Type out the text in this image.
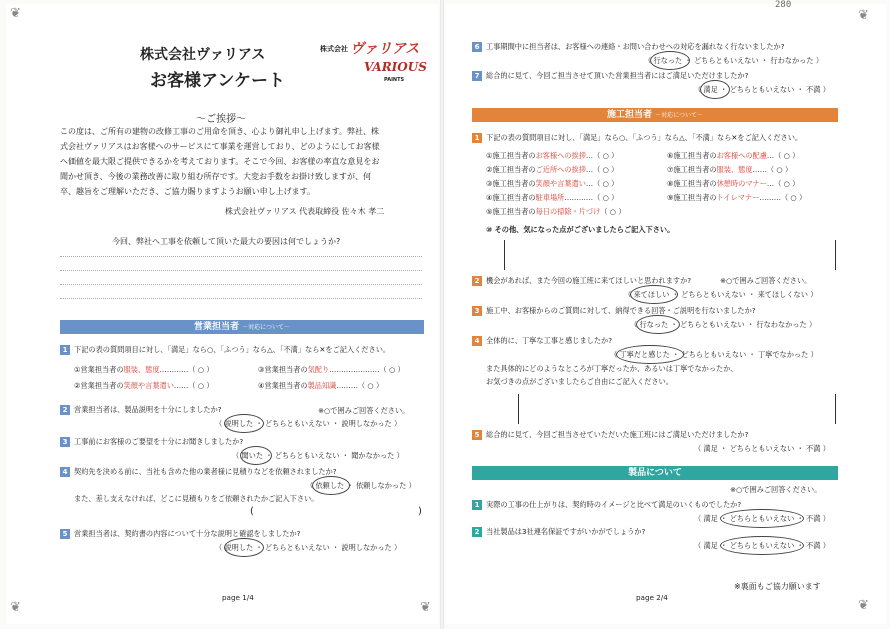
❦
❦	❦
❦
❦
280
株式会社ヴァリアス
お客様アンケート
株式会社 ヴァリアス
VARIOUS
PAINTS
～ご挨拶～
この度は、ご所有の建物の改修工事のご用命を頂き、心より御礼申し上げます。弊社、株
式会社ヴァリアスはお客様へのサービスにて事業を運営しており、どのようにしてお客様
へ価値を最大限ご提供できるかを考えております。そこで今回、お客様の率直な意見をお
聞かせ頂き、今後の業務改善に取り組む所存です。大変お手数をお掛け致しますが、何
卒、趣旨をご理解いただき、ご協力賜りますようお願い申し上げます。
株式会社ヴァリアス 代表取締役 佐々木 孝二
今回、弊社へ工事を依頼して頂いた最大の要因は何でしょうか?
営業担当者 －対応について－
1 下記の表の質問項目に対し、「満足」なら○、「ふつう」なら△、「不満」なら✕をご記入ください。
①営業担当者の服装、態度…………（ ○ ）
②営業担当者の笑顔や言葉遣い……（ ○ ）
③営業担当者の気配り…………………（ ○ ）
④営業担当者の製品知識………（ ○ ）
2 営業担当者は、製品説明を十分にしましたか?	※○で囲みご回答ください。
（ 説明した ・ どちらともいえない ・ 説明しなかった ）
3 工事前にお客様のご要望を十分にお聞きしましたか?
（ 聞いた ・ どちらともいえない ・ 聞かなかった ）
4 契約先を決める前に、当社も含めた他の業者様に見積りなどを依頼されましたか?
（ 依頼した ・ 依頼しなかった ）
また、差し支えなければ、どこに見積もりをご依頼されたかご記入下さい。
(	)
5 営業担当者は、契約書の内容について十分な説明と確認をしましたか?
（ 説明した ・ どちらともいえない ・ 説明しなかった ）
page 1/4
6 工事期間中に担当者は、お客様への連絡・お問い合わせへの対応を漏れなく行ないましたか?
（ 行なった ・ どちらともいえない ・ 行わなかった ）
7 総合的に見て、今回ご担当させて頂いた営業担当者にはご満足いただけましたか?
（ 満足 ・ どちらともいえない ・ 不満 ）
施工担当者 －対応について－
1 下記の表の質問項目に対し、「満足」なら○、「ふつう」なら△、「不満」なら✕をご記入ください。
①施工担当者のお客様への挨拶…（ ○ ）
②施工担当者のご近所への挨拶…（ ○ ）
③施工担当者の笑顔や言葉遣い…（ ○ ）
④施工担当者の駐車場所…………（ ○ ）
⑤施工担当者の毎日の掃除・片づけ（ ○ ）
⑥施工担当者のお客様への配慮…（ ○ ）
⑦施工担当者の服装、態度……（ ○ ）
⑧施工担当者の休憩時のマナー…（ ○ ）
⑨施工担当者のトイレマナー………（ ○ ）
⑩ その他、気になった点がございましたらご記入下さい。
2 機会があれば、また今回の施工班に来てほしいと思われますか?	※○で囲みご回答ください。
（ 来てほしい ・ どちらともいえない ・ 来てほしくない ）
3 施工中、お客様からのご質問に対して、納得できる回答・ご説明を行ないましたか?
（ 行なった ・ どちらともいえない ・ 行なわなかった ）
4 全体的に、丁寧な工事と感じましたか?
（ 丁寧だと感じた ・ どちらともいえない ・ 丁寧でなかった ）
また具体的にどのようなところが丁寧だったか、あるいは丁寧でなかったか、
お気づきの点がございましたらご自由にご記入ください。
5 総合的に見て、今回ご担当させていただいた施工班にはご満足いただけましたか?
（ 満足 ・ どちらともいえない ・ 不満 ）
製品について
※○で囲みご回答ください。
1 実際の工事の仕上がりは、契約時のイメージと比べて満足のいくものでしたか?
（ 満足 ・ どちらともいえない ・ 不満 ）
2 当社製品は3社連名保証ですがいかがでしょうか?
（ 満足 ・ どちらともいえない ・ 不満 ）
※裏面もご協力願います
page 2/4
